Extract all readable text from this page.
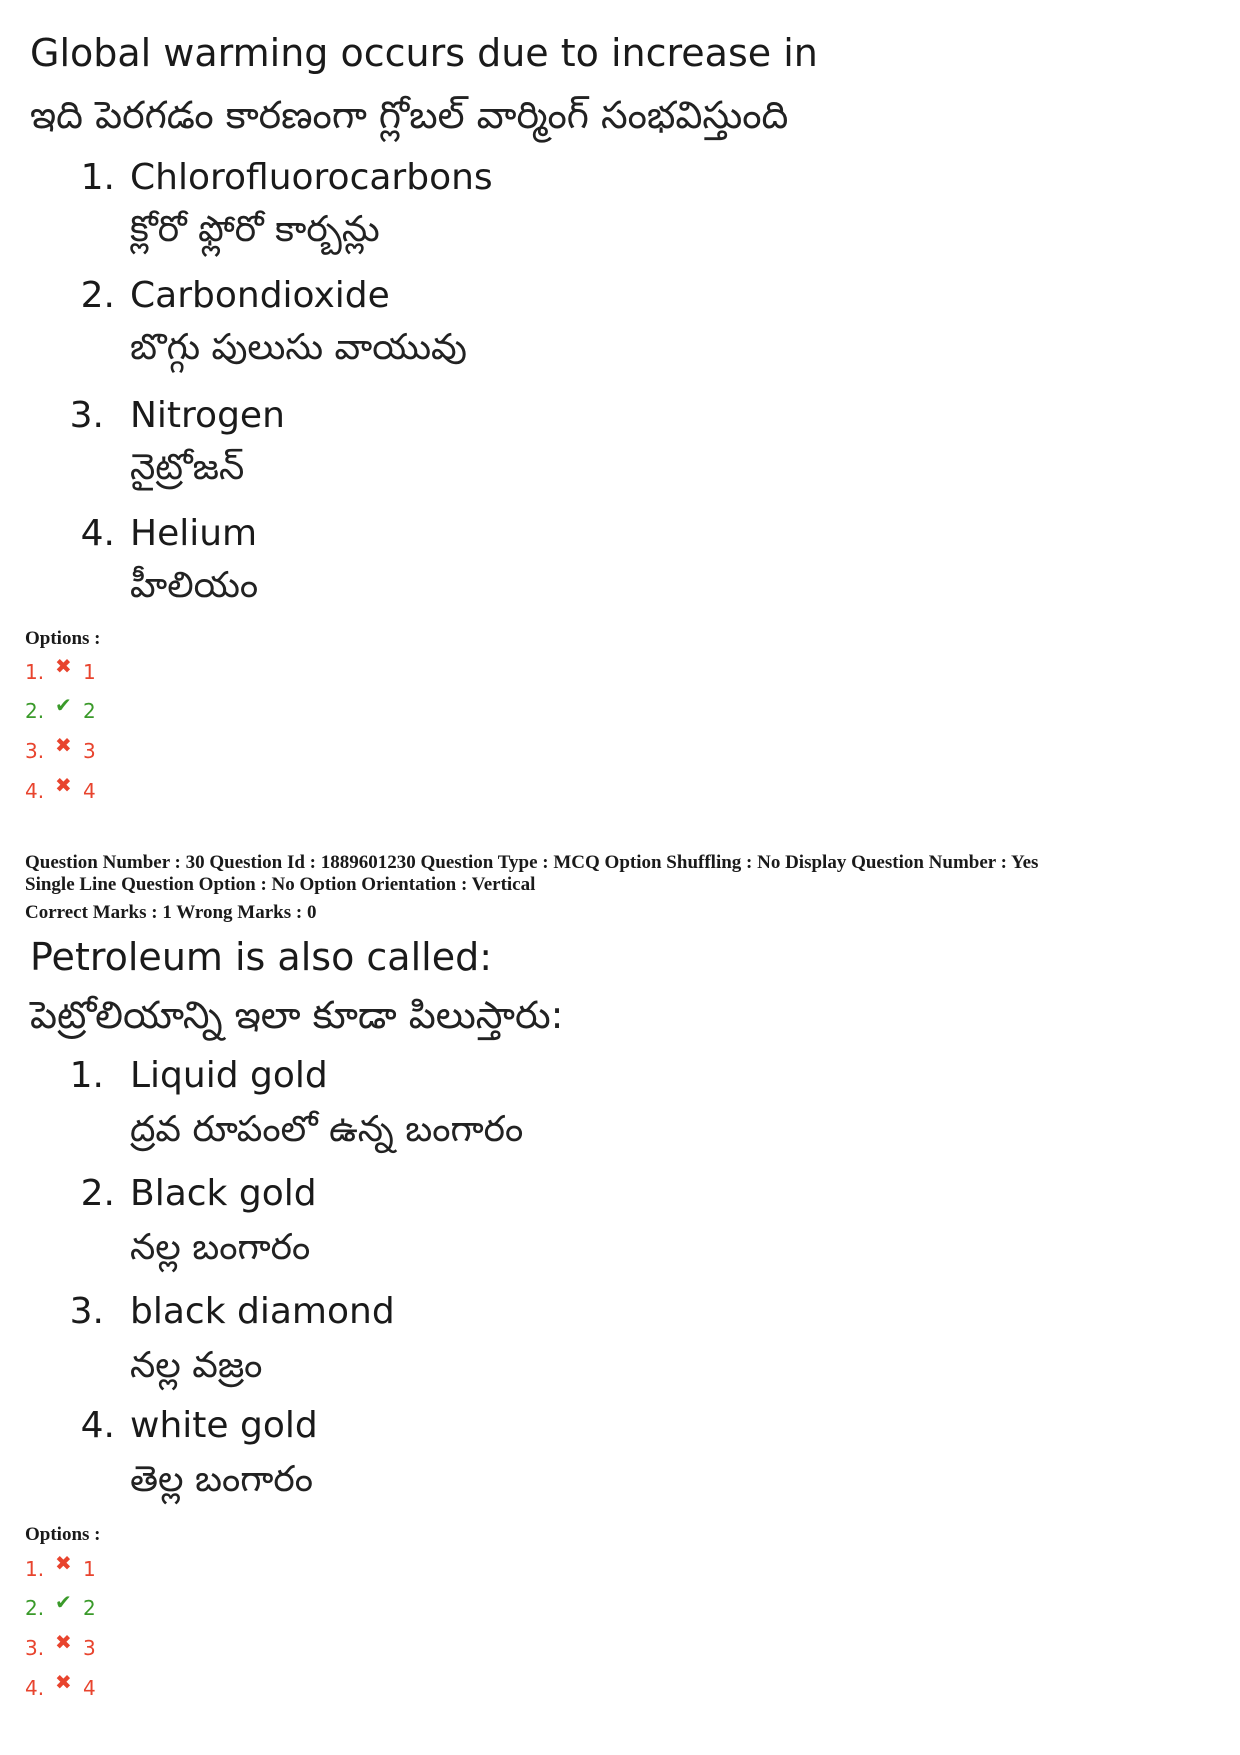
Global warming occurs due to increase in
ఇది పెరగడం కారణంగా గ్లోబల్ వార్మింగ్ సంభవిస్తుంది
1. Chlorofluorocarbons
క్లోరో ఫ్లోరో కార్బన్లు
2. Carbondioxide
బొగ్గు పులుసు వాయువు
3. Nitrogen
నైట్రోజన్
4. Helium
హీలియం
Options :
1. ✖ 1
2. ✔ 2
3. ✖ 3
4. ✖ 4
Question Number : 30 Question Id : 1889601230 Question Type : MCQ Option Shuffling : No Display Question Number : Yes
Single Line Question Option : No Option Orientation : Vertical
Correct Marks : 1 Wrong Marks : 0
Petroleum is also called:
పెట్రోలియాన్ని ఇలా కూడా పిలుస్తారు:
1. Liquid gold
ద్రవ రూపంలో ఉన్న బంగారం
2. Black gold
నల్ల బంగారం
3. black diamond
నల్ల వజ్రం
4. white gold
తెల్ల బంగారం
Options :
1. ✖ 1
2. ✔ 2
3. ✖ 3
4. ✖ 4
